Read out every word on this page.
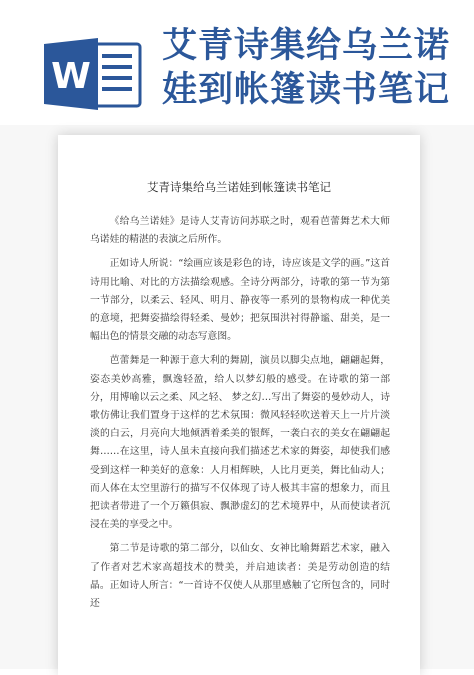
W
艾青诗集给乌兰诺
娃到帐篷读书笔记
艾青诗集给乌兰诺娃到帐篷读书笔记

《给乌兰诺娃》是诗人艾青访问苏联之时，观看芭蕾舞艺术大师乌诺娃的精湛的表演之后所作。

正如诗人所说：“绘画应该是彩色的诗，诗应该是文学的画。”这首诗用比喻、对比的方法描绘观感。全诗分两部分，诗歌的第一节为第一节部分，以柔云、轻风、明月、静夜等一系列的景物构成一种优美的意境，把舞姿描绘得轻柔、曼妙；把氛围洪衬得静谧、甜美，是一幅出色的情景交融的动态写意图。

芭蕾舞是一种源于意大利的舞剧，演员以脚尖点地，翩翩起舞，姿态美妙高雅，飘逸轻盈，给人以梦幻般的感受。在诗歌的第一部分，用博喻以云之柔、风之轻、 梦之幻…写出了舞姿的曼妙动人，诗歌仿佛让我们置身于这样的艺术氛围：微风轻轻吹送着天上一片片淡淡的白云，月亮向大地倾洒着柔美的银辉，一袭白衣的美女在翩翩起舞……在这里，诗人虽未直接向我们描述艺术家的舞姿，却使我们感受到这样一种美好的意象：人月相辉映，人比月更美，舞比仙动人；而人体在太空里游行的描写不仅体现了诗人极其丰富的想象力，而且把读者带进了一个万籁俱寂、飘渺虚幻的艺术境界中，从而使读者沉浸在美的享受之中。

第二节是诗歌的第二部分，以仙女、女神比喻舞蹈艺术家，融入了作者对艺术家高超技术的赞美，并启迪读者：美是劳动创造的结晶。正如诗人所言：“一首诗不仅使人从那里感触了它所包含的，同时还
